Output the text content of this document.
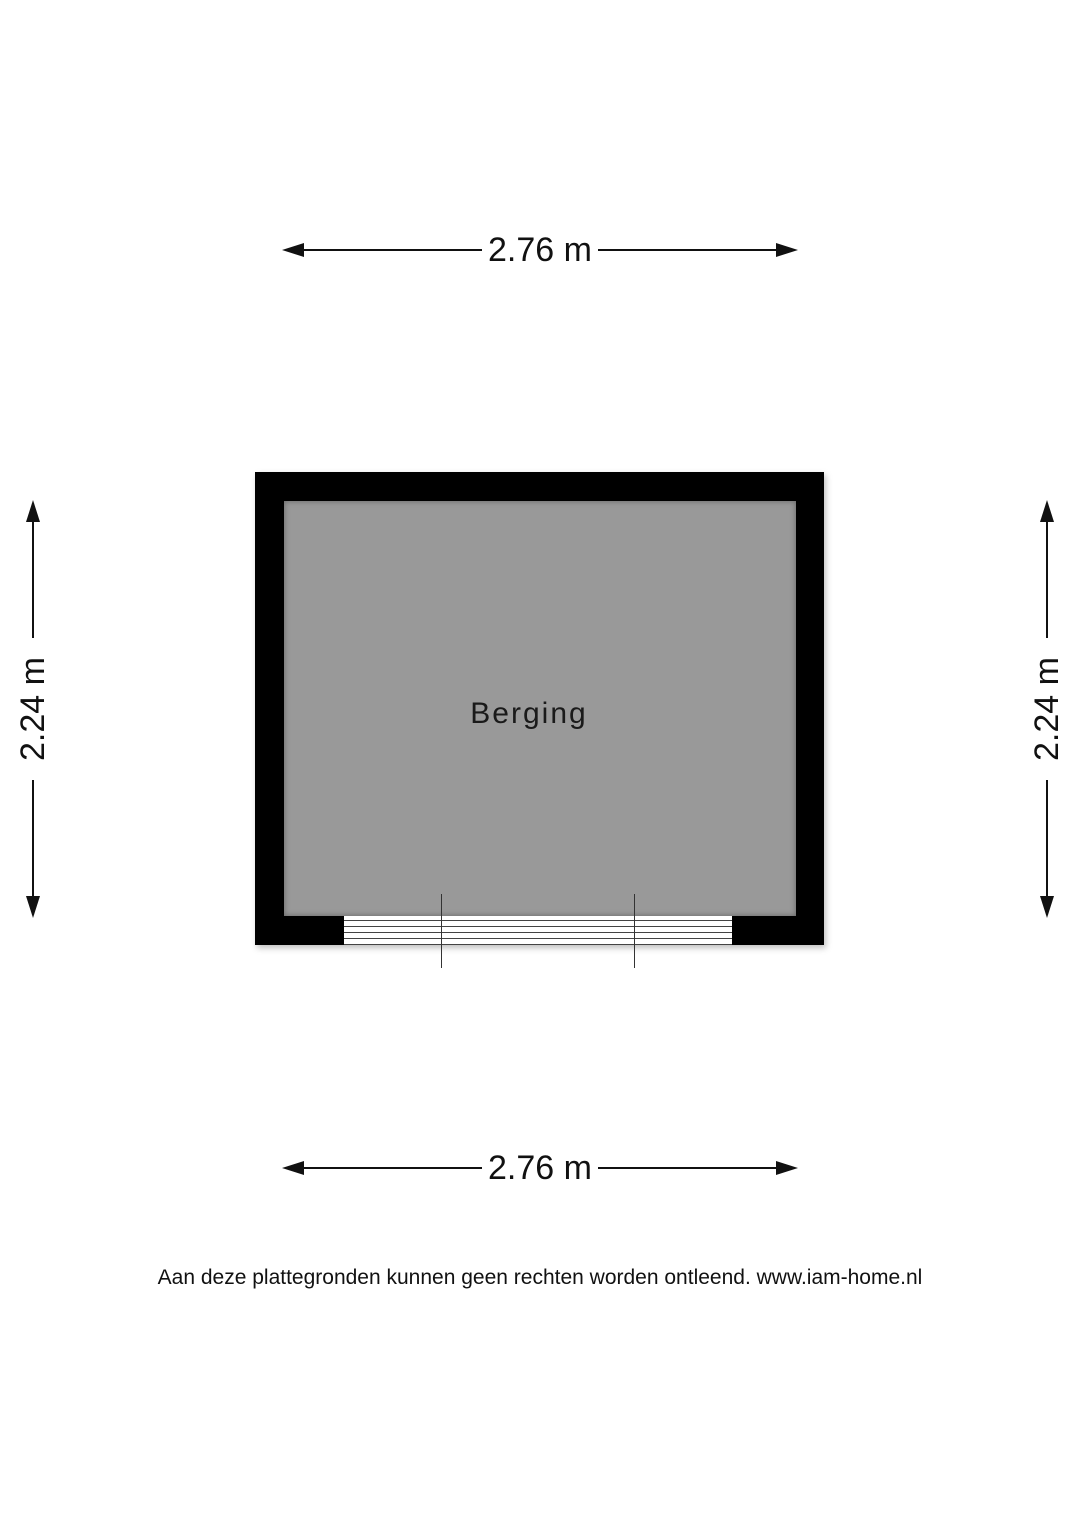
2.76 m
2.24 m	2.24 m
Berging
2.76 m
Aan deze plattegronden kunnen geen rechten worden ontleend. www.iam-home.nl
